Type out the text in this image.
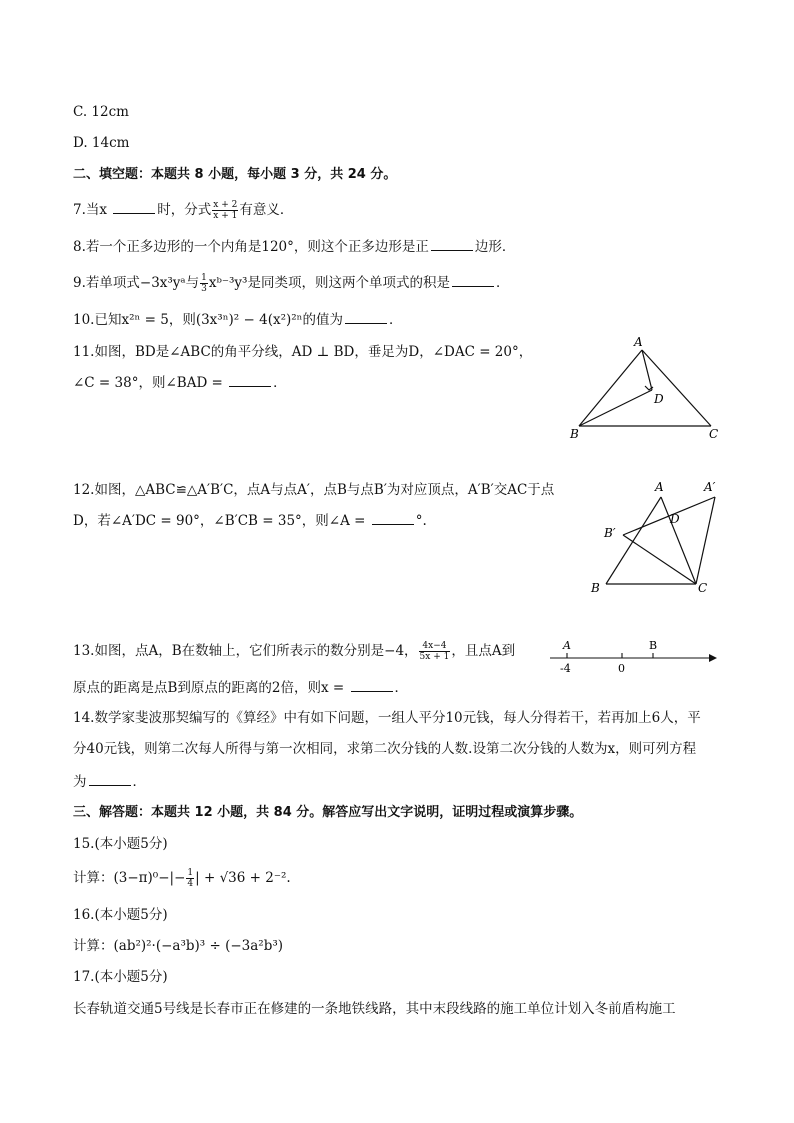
C. 12cm
D. 14cm
二、填空题：本题共 8 小题，每小题 3 分，共 24 分。
7.当x	时，分式 $\frac{x + 2}{x + 1}$ 有意义．
8.若一个正多边形的一个内角是120°，则这个正多边形是正	边形．
9.若单项式−3x³yᵃ与 $\frac{1}{3}$ xᵇ⁻³y³是同类项，则这两个单项式的积是	．
10.已知x²ⁿ = 5，则(3x³ⁿ)² − 4(x²)²ⁿ的值为	．
11.如图，BD是∠ABC的角平分线，AD ⊥ BD，垂足为D，∠DAC = 20°，
∠C = 38°，则∠BAD =	．
A
B	C
D
12.如图，△ABC≌△A′B′C，点A与点A′，点B与点B′为对应顶点，A′B′交AC于点
D，若∠A′DC = 90°，∠B′CB = 35°，则∠A =	°.
A	A′
B′
D
B	C
13.如图，点A，B在数轴上，它们所表示的数分别是−4， $\frac{4x-4}{5x + 1}$ ，且点A到
原点的距离是点B到原点的距离的2倍，则x =	．
A	B
-4	0
14.数学家斐波那契编写的《算经》中有如下问题，一组人平分10元钱，每人分得若干，若再加上6人，平
分40元钱，则第二次每人所得与第一次相同，求第二次分钱的人数.设第二次分钱的人数为x，则可列方程
为	．
三、解答题：本题共 12 小题，共 84 分。解答应写出文字说明，证明过程或演算步骤。
15.(本小题5分)
计算：$(3-\pi)^0-|- \frac{1}{4}$ | + √36 + 2⁻².
16.(本小题5分)
计算：(ab²)²·(−a³b)³ ÷ (−3a²b³)
17.(本小题5分)
长春轨道交通5号线是长春市正在修建的一条地铁线路，其中末段线路的施工单位计划入冬前盾构施工
